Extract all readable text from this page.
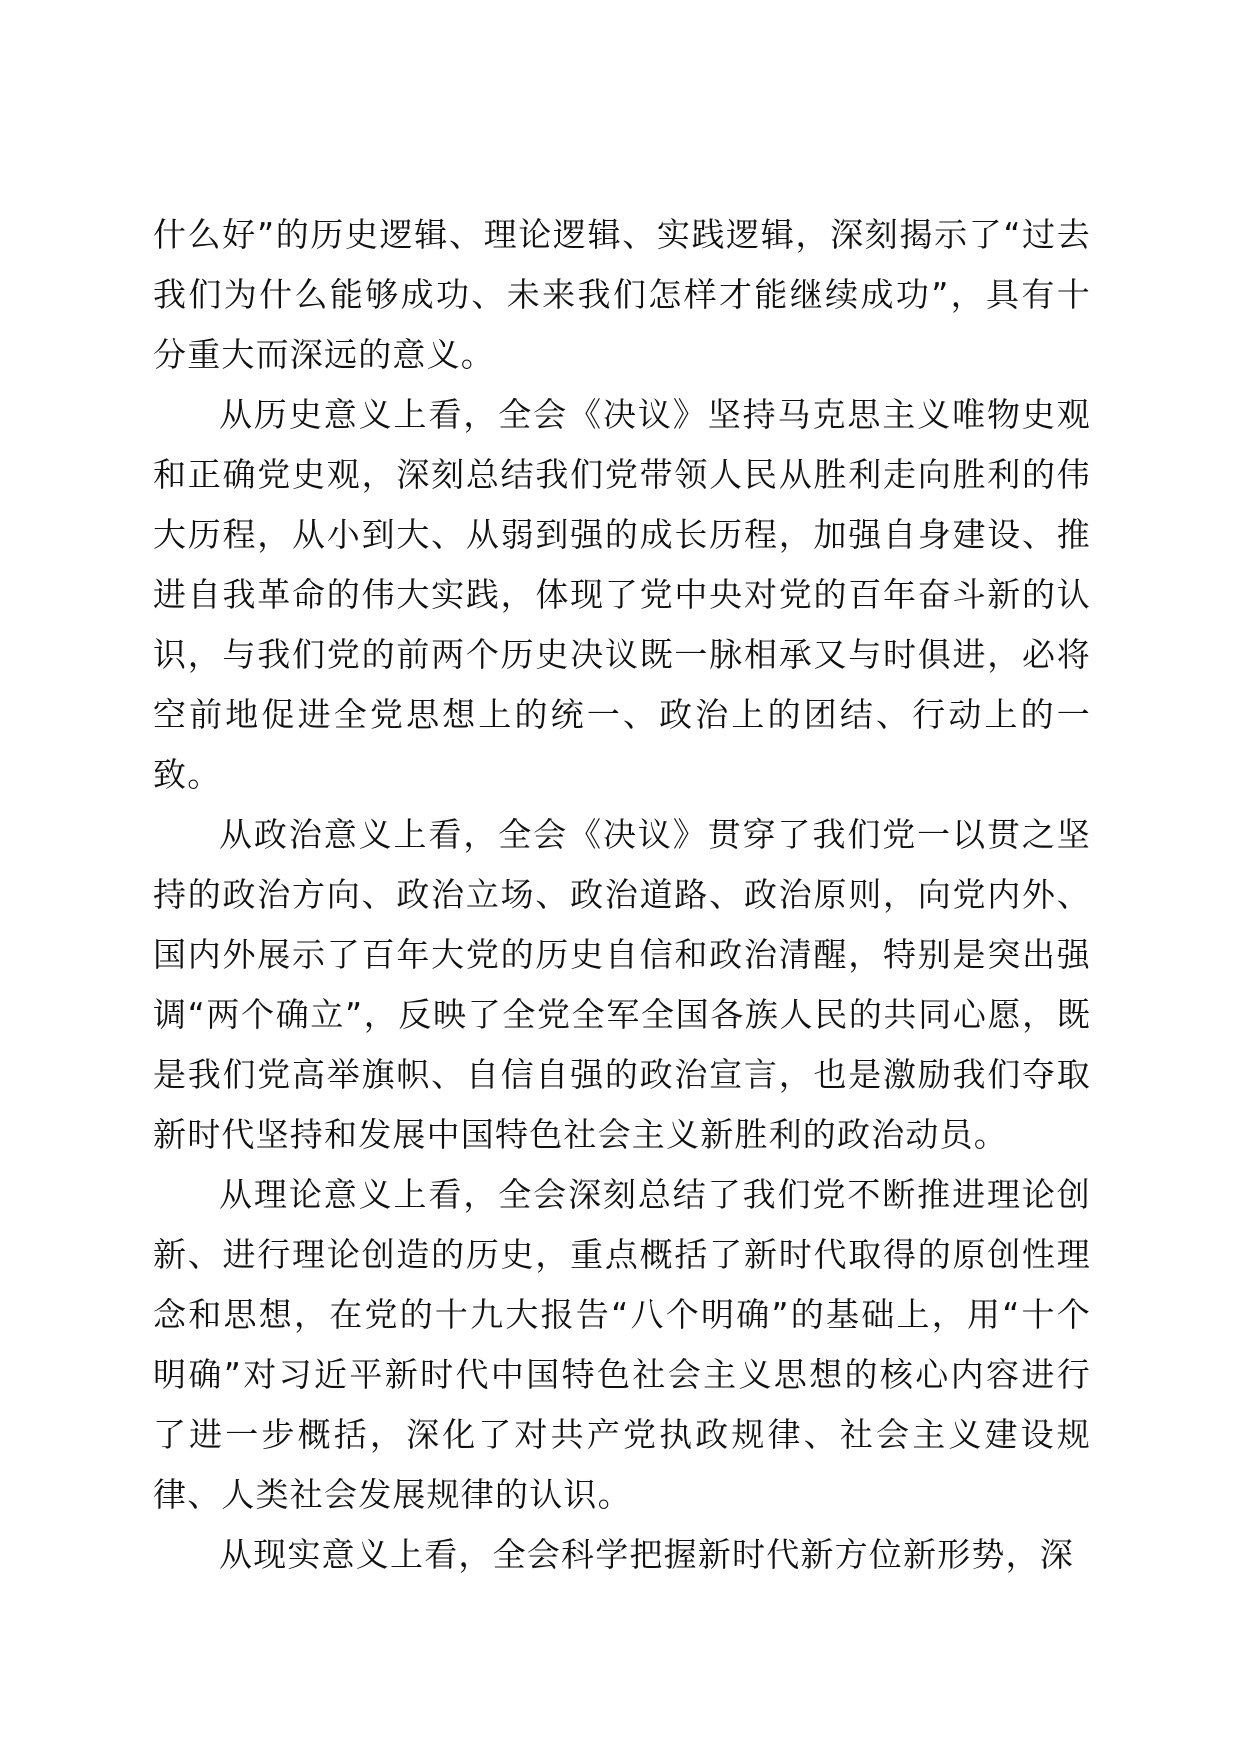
什么好”的历史逻辑、理论逻辑、实践逻辑，深刻揭示了“过去我们为什么能够成功、未来我们怎样才能继续成功”，具有十分重大而深远的意义。

从历史意义上看，全会《决议》坚持马克思主义唯物史观和正确党史观，深刻总结我们党带领人民从胜利走向胜利的伟大历程，从小到大、从弱到强的成长历程，加强自身建设、推进自我革命的伟大实践，体现了党中央对党的百年奋斗新的认识，与我们党的前两个历史决议既一脉相承又与时俱进，必将空前地促进全党思想上的统一、政治上的团结、行动上的一致。

从政治意义上看，全会《决议》贯穿了我们党一以贯之坚持的政治方向、政治立场、政治道路、政治原则，向党内外、国内外展示了百年大党的历史自信和政治清醒，特别是突出强调“两个确立”，反映了全党全军全国各族人民的共同心愿，既是我们党高举旗帜、自信自强的政治宣言，也是激励我们夺取新时代坚持和发展中国特色社会主义新胜利的政治动员。

从理论意义上看，全会深刻总结了我们党不断推进理论创新、进行理论创造的历史，重点概括了新时代取得的原创性理念和思想，在党的十九大报告“八个明确”的基础上，用“十个明确”对习近平新时代中国特色社会主义思想的核心内容进行了进一步概括，深化了对共产党执政规律、社会主义建设规律、人类社会发展规律的认识。

从现实意义上看，全会科学把握新时代新方位新形势，深
